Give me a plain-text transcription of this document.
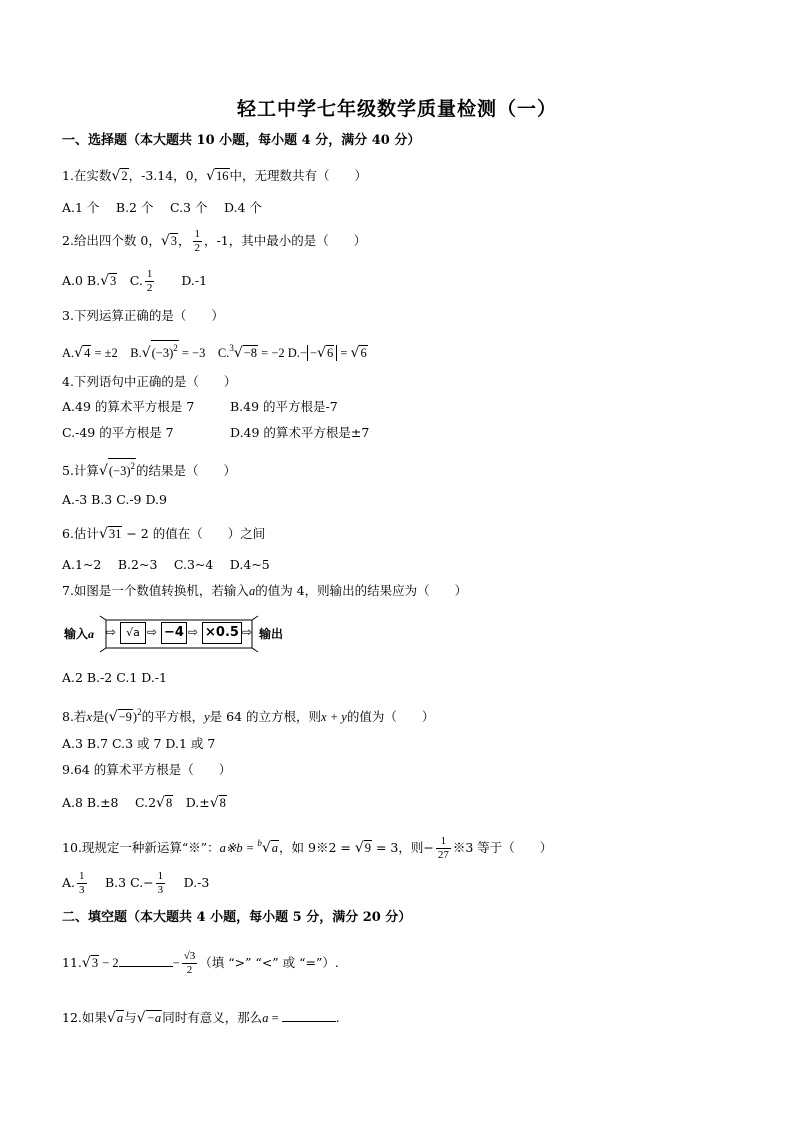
轻工中学七年级数学质量检测（一）
一、选择题（本大题共 10 小题，每小题 4 分，满分 40 分）
1.在实数√2，-3.14，0，√16中，无理数共有（　　）
A.1 个　 B.2 个　 C.3 个　 D.4 个
2.给出四个数 0，√3， $\frac{1}{2}$ ，-1，其中最小的是（　　）
A.0 B.√3　C. $\frac{1}{2}$ 　　D.-1
3.下列运算正确的是（　　）
A.√4 = ±2　$B.√(-3)^2 = -3$　C.$^3$√−8 = −2 D.− −√6 = √6
4.下列语句中正确的是（　　）
A.49 的算术平方根是 7	B.49 的平方根是-7
C.-49 的平方根是 7	D.49 的算术平方根是±7
5.计算$√(-3)^2$的结果是（　　）
A.-3 B.3 C.-9 D.9
6.估计√31 − 2 的值在（　　）之间
A.1~2　 B.2~3　 C.3~4　 D.4~5
7.如图是一个数值转换机，若输入a的值为 4，则输出的结果应为（　　）
输入a ⇨ √a ⇨ −4 ⇨ ×0.5 ⇨ 输出
A.2 B.-2 C.1 D.-1
8.若x是$(√-9)^2$的平方根，y是 64 的立方根，则x + y的值为（　　）
A.3 B.7 C.3 或 7 D.1 或 7
9.64 的算术平方根是（　　）
A.8 B.±8　 C.2√8　D.±√8
10.现规定一种新运算“※”：a※b = $^b$√a，如 9※2 = √9 = 3，则− $\frac{1}{27}$ ※3 等于（　　）
A. $\frac{1}{3}$ 　 B.3 $C.- \frac{1}{3}$ 　 D.-3
二、填空题（本大题共 4 小题，每小题 5 分，满分 20 分）
11.√3 − 2	− $\frac{√3}{2}$ （填 “>” “<” 或 “=”）.
12.如果√a与√−a同时有意义，那么a =	.
